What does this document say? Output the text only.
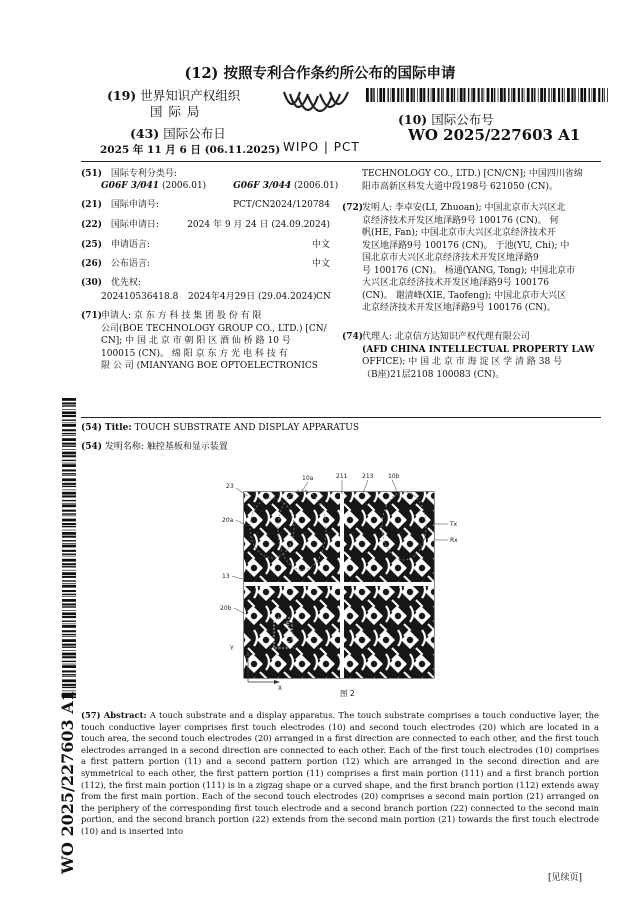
(12) 按照专利合作条约所公布的国际申请
(19) 世界知识产权组织
国 际 局
(43) 国际公布日
2025 年 11 月 6 日 (06.11.2025) WIPO | PCT
(10) 国际公布号
WO 2025/227603 A1
(51) 国际专利分类号:
G06F 3/041 (2006.01)	G06F 3/044 (2006.01)
(21) 国际申请号:	PCT/CN2024/120784
(22) 国际申请日:	2024 年 9 月 24 日 (24.09.2024)
(25) 申请语言:	中文
(26) 公布语言:	中文
(30) 优先权:
202410536418.8 2024年4月29日 (29.04.2024) CN
(71)
申请人: 京 东 方 科 技 集 团 股 份 有 限
公司(BOE TECHNOLOGY GROUP CO., LTD.) [CN/
CN]; 中 国 北 京 市 朝 阳 区 酒 仙 桥 路 10 号
100015 (CN)。 绵 阳 京 东 方 光 电 科 技 有
限 公 司 (MIANYANG BOE OPTOELECTRONICS
TECHNOLOGY CO., LTD.) [CN/CN]; 中国四川省绵
阳市高新区科发大道中段198号 621050 (CN)。
(72)
发明人: 李卓安(LI, Zhuoan); 中国北京市大兴区北
京经济技术开发区地泽路9号 100176 (CN)。 何
帆(HE, Fan); 中国北京市大兴区北京经济技术开
发区地泽路9号 100176 (CN)。 于池(YU, Chi); 中
国北京市大兴区北京经济技术开发区地泽路9
号 100176 (CN)。 杨通(YANG, Tong); 中国北京市
大兴区北京经济技术开发区地泽路9号 100176
(CN)。 谢清峰(XIE, Taofeng); 中国北京市大兴区
北京经济技术开发区地泽路9号 100176 (CN)。
(74)
代理人: 北京信方达知识产权代理有限公司
(AFD CHINA INTELLECTUAL PROPERTY LAW
OFFICE); 中 国 北 京 市 海 淀 区 学 清 路 38 号
（B座)21层2108 100083 (CN)。
WO 2025/227603 A1
(54) Title: TOUCH SUBSTRATE AND DISPLAY APPARATUS
(54) 发明名称: 触控基板和显示装置
10a	211 213 10b
23
20a
13
20b
Tx
Rx
Y
X
E
E
图 2

(57) Abstract: A touch substrate and a display apparatus. The touch substrate comprises a touch conductive layer, the touch conductive layer comprises first touch electrodes (10) and second touch electrodes (20) which are located in a touch area, the second touch electrodes (20) arranged in a first direction are connected to each other, and the first touch electrodes arranged in a second direction are connected to each other. Each of the first touch electrodes (10) comprises a first pattern portion (11) and a second pattern portion (12) which are arranged in the second direction and are symmetrical to each other, the first pattern portion (11) comprises a first main portion (111) and a first branch portion (112), the first main portion (111) is in a zigzag shape or a curved shape, and the first branch portion (112) extends away from the first main portion. Each of the second touch electrodes (20) comprises a second main portion (21) arranged on the periphery of the corresponding first touch electrode and a second branch portion (22) connected to the second main portion, and the second branch portion (22) extends from the second main portion (21) towards the first touch electrode (10) and is inserted into

[见续页]
